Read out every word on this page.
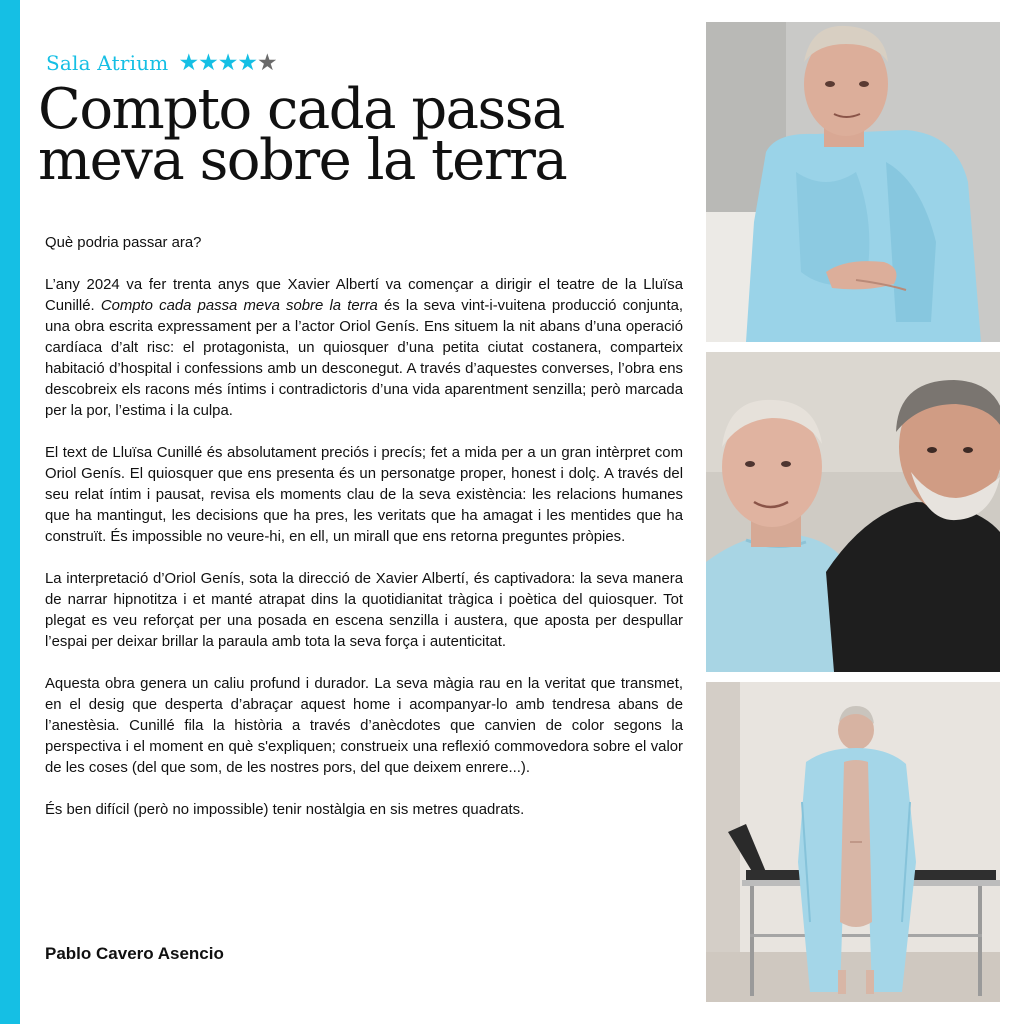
Sala Atrium ★ ★ ★ ★ ★
Compto cada passa
meva sobre la terra

Què podria passar ara?

L’any 2024 va fer trenta anys que Xavier Albertí va començar a dirigir el teatre de la Lluïsa Cunillé. Compto cada passa meva sobre la terra és la seva vint-i-vuitena producció conjunta, una obra escrita expressament per a l’actor Oriol Genís. Ens situem la nit abans d’una operació cardíaca d’alt risc: el protagonista, un quiosquer d’una petita ciutat costanera, comparteix habitació d’hospital i confessions amb un desconegut. A través d’aquestes converses, l’obra ens descobreix els racons més íntims i contradictoris d’una vida aparentment senzilla; però marcada per la por, l’estima i la culpa.

El text de Lluïsa Cunillé és absolutament preciós i precís; fet a mida per a un gran intèrpret com Oriol Genís. El quiosquer que ens presenta és un personatge proper, honest i dolç. A través del seu relat íntim i pausat, revisa els moments clau de la seva existència: les relacions humanes que ha mantingut, les decisions que ha pres, les veritats que ha amagat i les mentides que ha construït. És impossible no veure-hi, en ell, un mirall que ens retorna preguntes pròpies.

La interpretació d’Oriol Genís, sota la direcció de Xavier Albertí, és captivadora: la seva manera de narrar hipnotitza i et manté atrapat dins la quotidianitat tràgica i poètica del quiosquer. Tot plegat es veu reforçat per una posada en escena senzilla i austera, que aposta per despullar l’espai per deixar brillar la paraula amb tota la seva força i autenticitat.

Aquesta obra genera un caliu profund i durador. La seva màgia rau en la veritat que transmet, en el desig que desperta d’abraçar aquest home i acompanyar-lo amb tendresa abans de l’anestèsia. Cunillé fila la història a través d’anècdotes que canvien de color segons la perspectiva i el moment en què s'expliquen; construeix una reflexió commovedora sobre el valor de les coses (del que som, de les nostres pors, del que deixem enrere...).

És ben difícil (però no impossible) tenir nostàlgia en sis metres quadrats.

Pablo Cavero Asencio
